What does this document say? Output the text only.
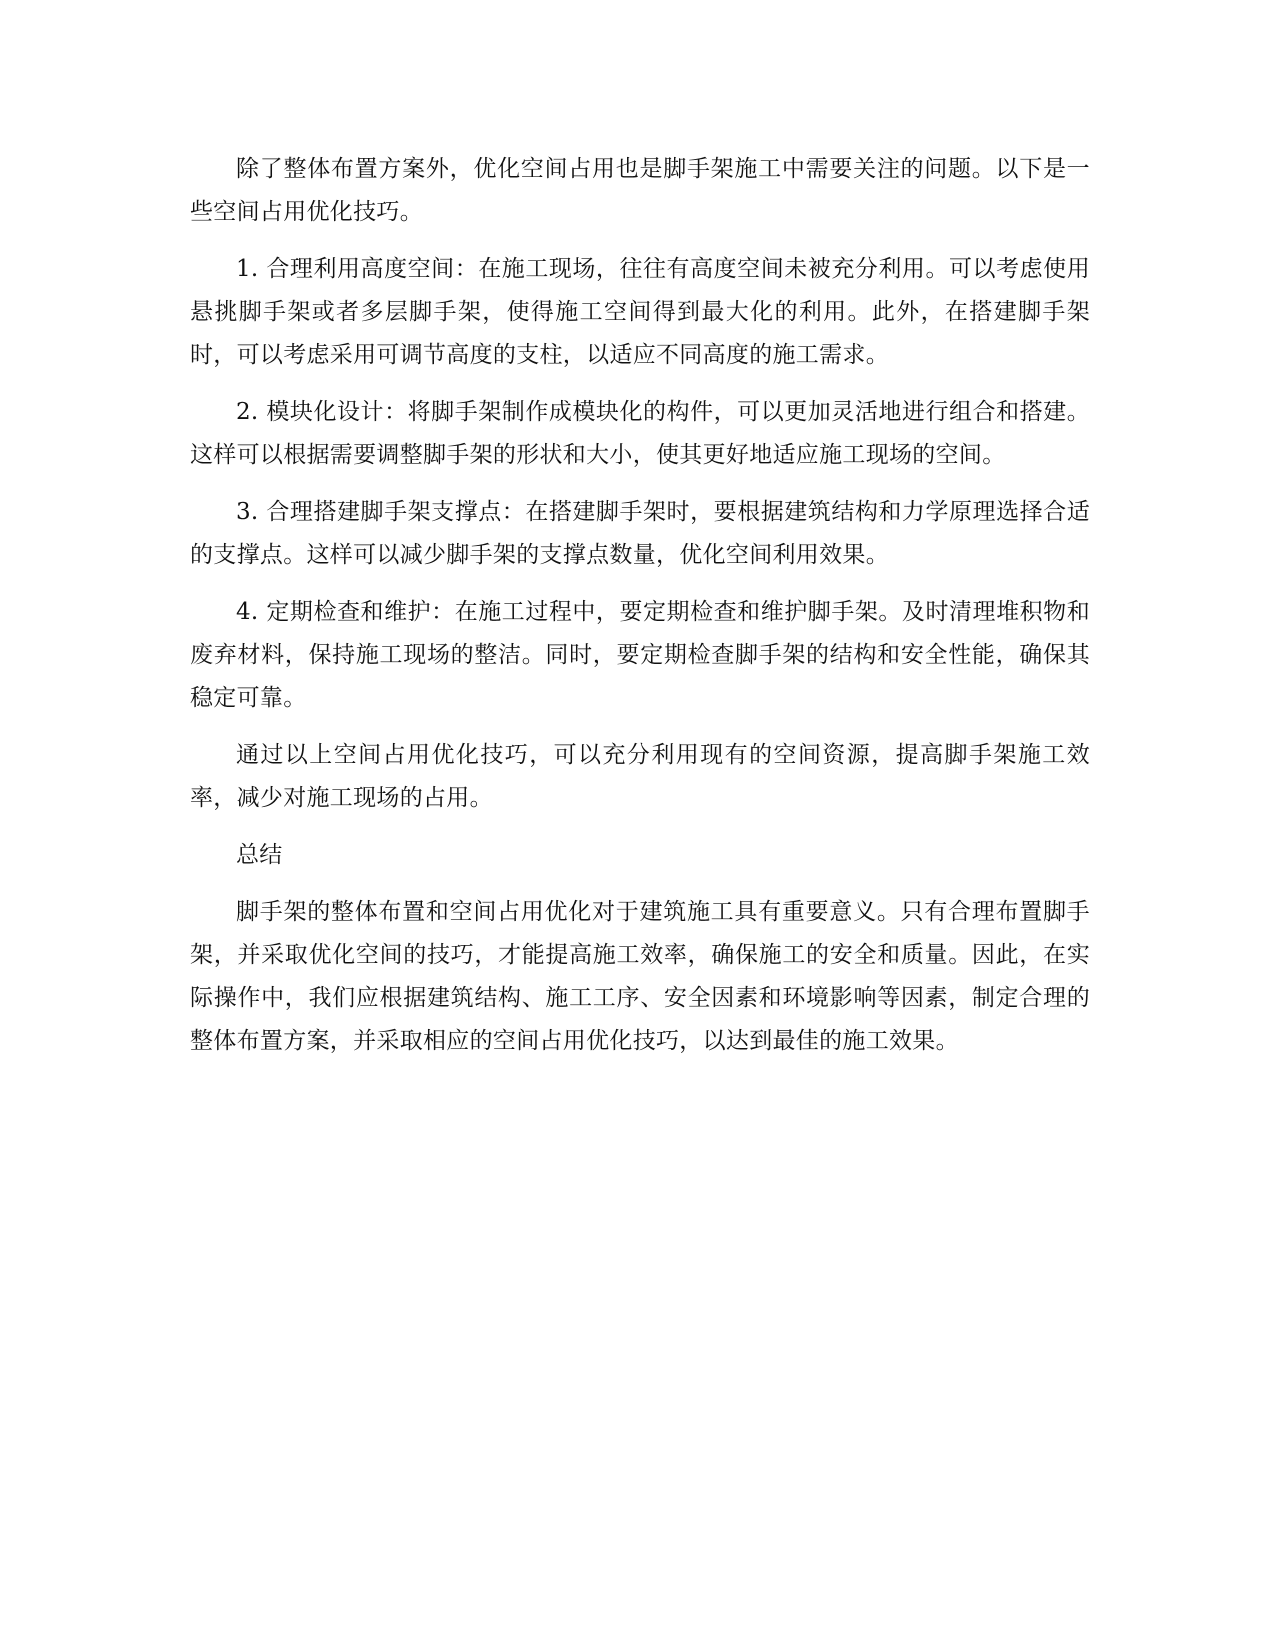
除了整体布置方案外，优化空间占用也是脚手架施工中需要关注的问题。以下是一些空间占用优化技巧。

1. 合理利用高度空间：在施工现场，往往有高度空间未被充分利用。可以考虑使用悬挑脚手架或者多层脚手架，使得施工空间得到最大化的利用。此外，在搭建脚手架时，可以考虑采用可调节高度的支柱，以适应不同高度的施工需求。

2. 模块化设计：将脚手架制作成模块化的构件，可以更加灵活地进行组合和搭建。这样可以根据需要调整脚手架的形状和大小，使其更好地适应施工现场的空间。

3. 合理搭建脚手架支撑点：在搭建脚手架时，要根据建筑结构和力学原理选择合适的支撑点。这样可以减少脚手架的支撑点数量，优化空间利用效果。

4. 定期检查和维护：在施工过程中，要定期检查和维护脚手架。及时清理堆积物和废弃材料，保持施工现场的整洁。同时，要定期检查脚手架的结构和安全性能，确保其稳定可靠。

通过以上空间占用优化技巧，可以充分利用现有的空间资源，提高脚手架施工效率，减少对施工现场的占用。

总结

脚手架的整体布置和空间占用优化对于建筑施工具有重要意义。只有合理布置脚手架，并采取优化空间的技巧，才能提高施工效率，确保施工的安全和质量。因此，在实际操作中，我们应根据建筑结构、施工工序、安全因素和环境影响等因素，制定合理的整体布置方案，并采取相应的空间占用优化技巧，以达到最佳的施工效果。
